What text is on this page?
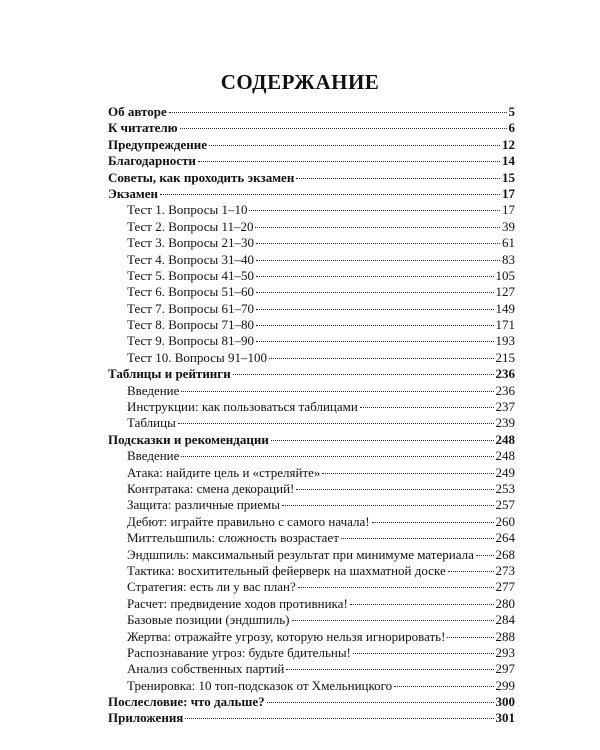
СОДЕРЖАНИЕ
Об авторе	5
К читателю	6
Предупреждение	12
Благодарности	14
Советы, как проходить экзамен	15
Экзамен	17
Тест 1. Вопросы 1–10	17
Тест 2. Вопросы 11–20	39
Тест 3. Вопросы 21–30	61
Тест 4. Вопросы 31–40	83
Тест 5. Вопросы 41–50	105
Тест 6. Вопросы 51–60	127
Тест 7. Вопросы 61–70	149
Тест 8. Вопросы 71–80	171
Тест 9. Вопросы 81–90	193
Тест 10. Вопросы 91–100	215
Таблицы и рейтинги	236
Введение	236
Инструкции: как пользоваться таблицами	237
Таблицы	239
Подсказки и рекомендации	248
Введение	248
Атака: найдите цель и «стреляйте»	249
Контратака: смена декораций!	253
Защита: различные приемы	257
Дебют: играйте правильно с самого начала!	260
Миттельшпиль: сложность возрастает	264
Эндшпиль: максимальный результат при минимуме материала 268
Тактика: восхитительный фейерверк на шахматной доске	273
Стратегия: есть ли у вас план?	277
Расчет: предвидение ходов противника!	280
Базовые позиции (эндшпиль)	284
Жертва: отражайте угрозу, которую нельзя игнорировать!	288
Распознавание угроз: будьте бдительны!	293
Анализ собственных партий	297
Тренировка: 10 топ-подсказок от Хмельницкого	299
Послесловие: что дальше?	300
Приложения	301
